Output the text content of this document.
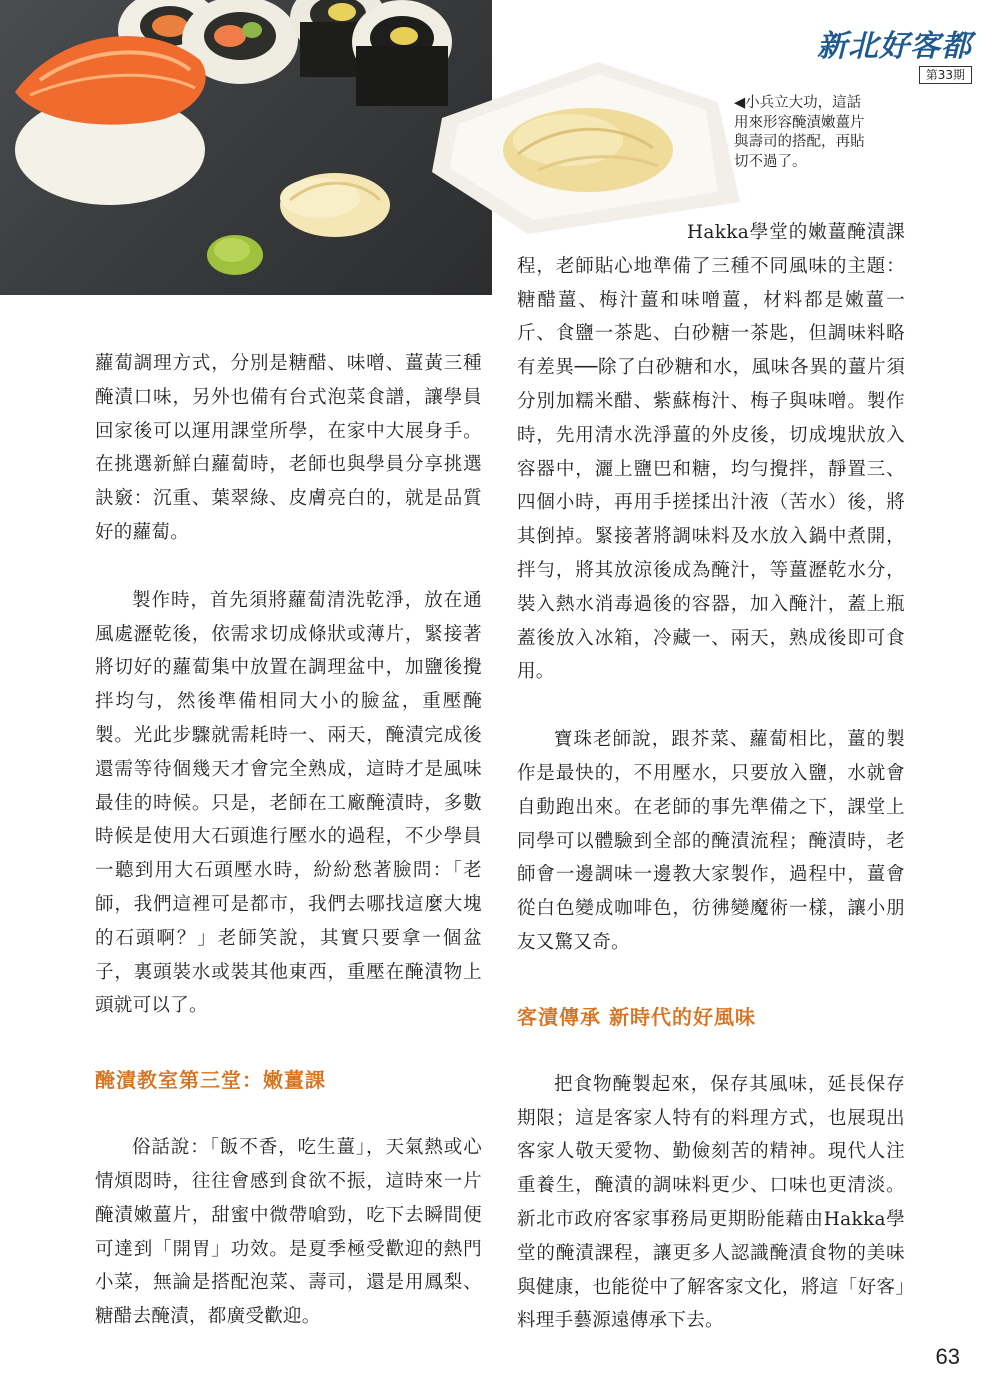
新北好客都
第33期
◀小兵立大功，這話用來形容醃漬嫩薑片與壽司的搭配，再貼切不過了。

蘿蔔調理方式，分別是糖醋、味噌、薑黃三種醃漬口味，另外也備有台式泡菜食譜，讓學員回家後可以運用課堂所學，在家中大展身手。在挑選新鮮白蘿蔔時，老師也與學員分享挑選訣竅：沉重、葉翠綠、皮膚亮白的，就是品質好的蘿蔔。

製作時，首先須將蘿蔔清洗乾淨，放在通風處瀝乾後，依需求切成條狀或薄片，緊接著將切好的蘿蔔集中放置在調理盆中，加鹽後攪拌均勻，然後準備相同大小的臉盆，重壓醃製。光此步驟就需耗時一、兩天，醃漬完成後還需等待個幾天才會完全熟成，這時才是風味最佳的時候。只是，老師在工廠醃漬時，多數時候是使用大石頭進行壓水的過程，不少學員一聽到用大石頭壓水時，紛紛愁著臉問：「老師，我們這裡可是都市，我們去哪找這麼大塊的石頭啊？」老師笑說，其實只要拿一個盆子，裏頭裝水或裝其他東西，重壓在醃漬物上頭就可以了。

醃漬教室第三堂：嫩薑課

俗話說：「飯不香，吃生薑」，天氣熱或心情煩悶時，往往會感到食欲不振，這時來一片醃漬嫩薑片，甜蜜中微帶嗆勁，吃下去瞬間便可達到「開胃」功效。是夏季極受歡迎的熱門小菜，無論是搭配泡菜、壽司，還是用鳳梨、糖醋去醃漬，都廣受歡迎。

Hakka學堂的嫩薑醃漬課程，老師貼心地準備了三種不同風味的主題：糖醋薑、梅汁薑和味噌薑，材料都是嫩薑一斤、食鹽一茶匙、白砂糖一茶匙，但調味料略有差異──除了白砂糖和水，風味各異的薑片須分別加糯米醋、紫蘇梅汁、梅子與味噌。製作時，先用清水洗淨薑的外皮後，切成塊狀放入容器中，灑上鹽巴和糖，均勻攪拌，靜置三、四個小時，再用手搓揉出汁液（苦水）後，將其倒掉。緊接著將調味料及水放入鍋中煮開，拌勻，將其放涼後成為醃汁，等薑瀝乾水分，裝入熱水消毒過後的容器，加入醃汁，蓋上瓶蓋後放入冰箱，冷藏一、兩天，熟成後即可食用。

寶珠老師說，跟芥菜、蘿蔔相比，薑的製作是最快的，不用壓水，只要放入鹽，水就會自動跑出來。在老師的事先準備之下，課堂上同學可以體驗到全部的醃漬流程；醃漬時，老師會一邊調味一邊教大家製作，過程中，薑會從白色變成咖啡色，彷彿變魔術一樣，讓小朋友又驚又奇。

客漬傳承 新時代的好風味

把食物醃製起來，保存其風味，延長保存期限；這是客家人特有的料理方式，也展現出客家人敬天愛物、勤儉刻苦的精神。現代人注重養生，醃漬的調味料更少、口味也更清淡。新北市政府客家事務局更期盼能藉由Hakka學堂的醃漬課程，讓更多人認識醃漬食物的美味與健康，也能從中了解客家文化，將這「好客」料理手藝源遠傳承下去。

63
